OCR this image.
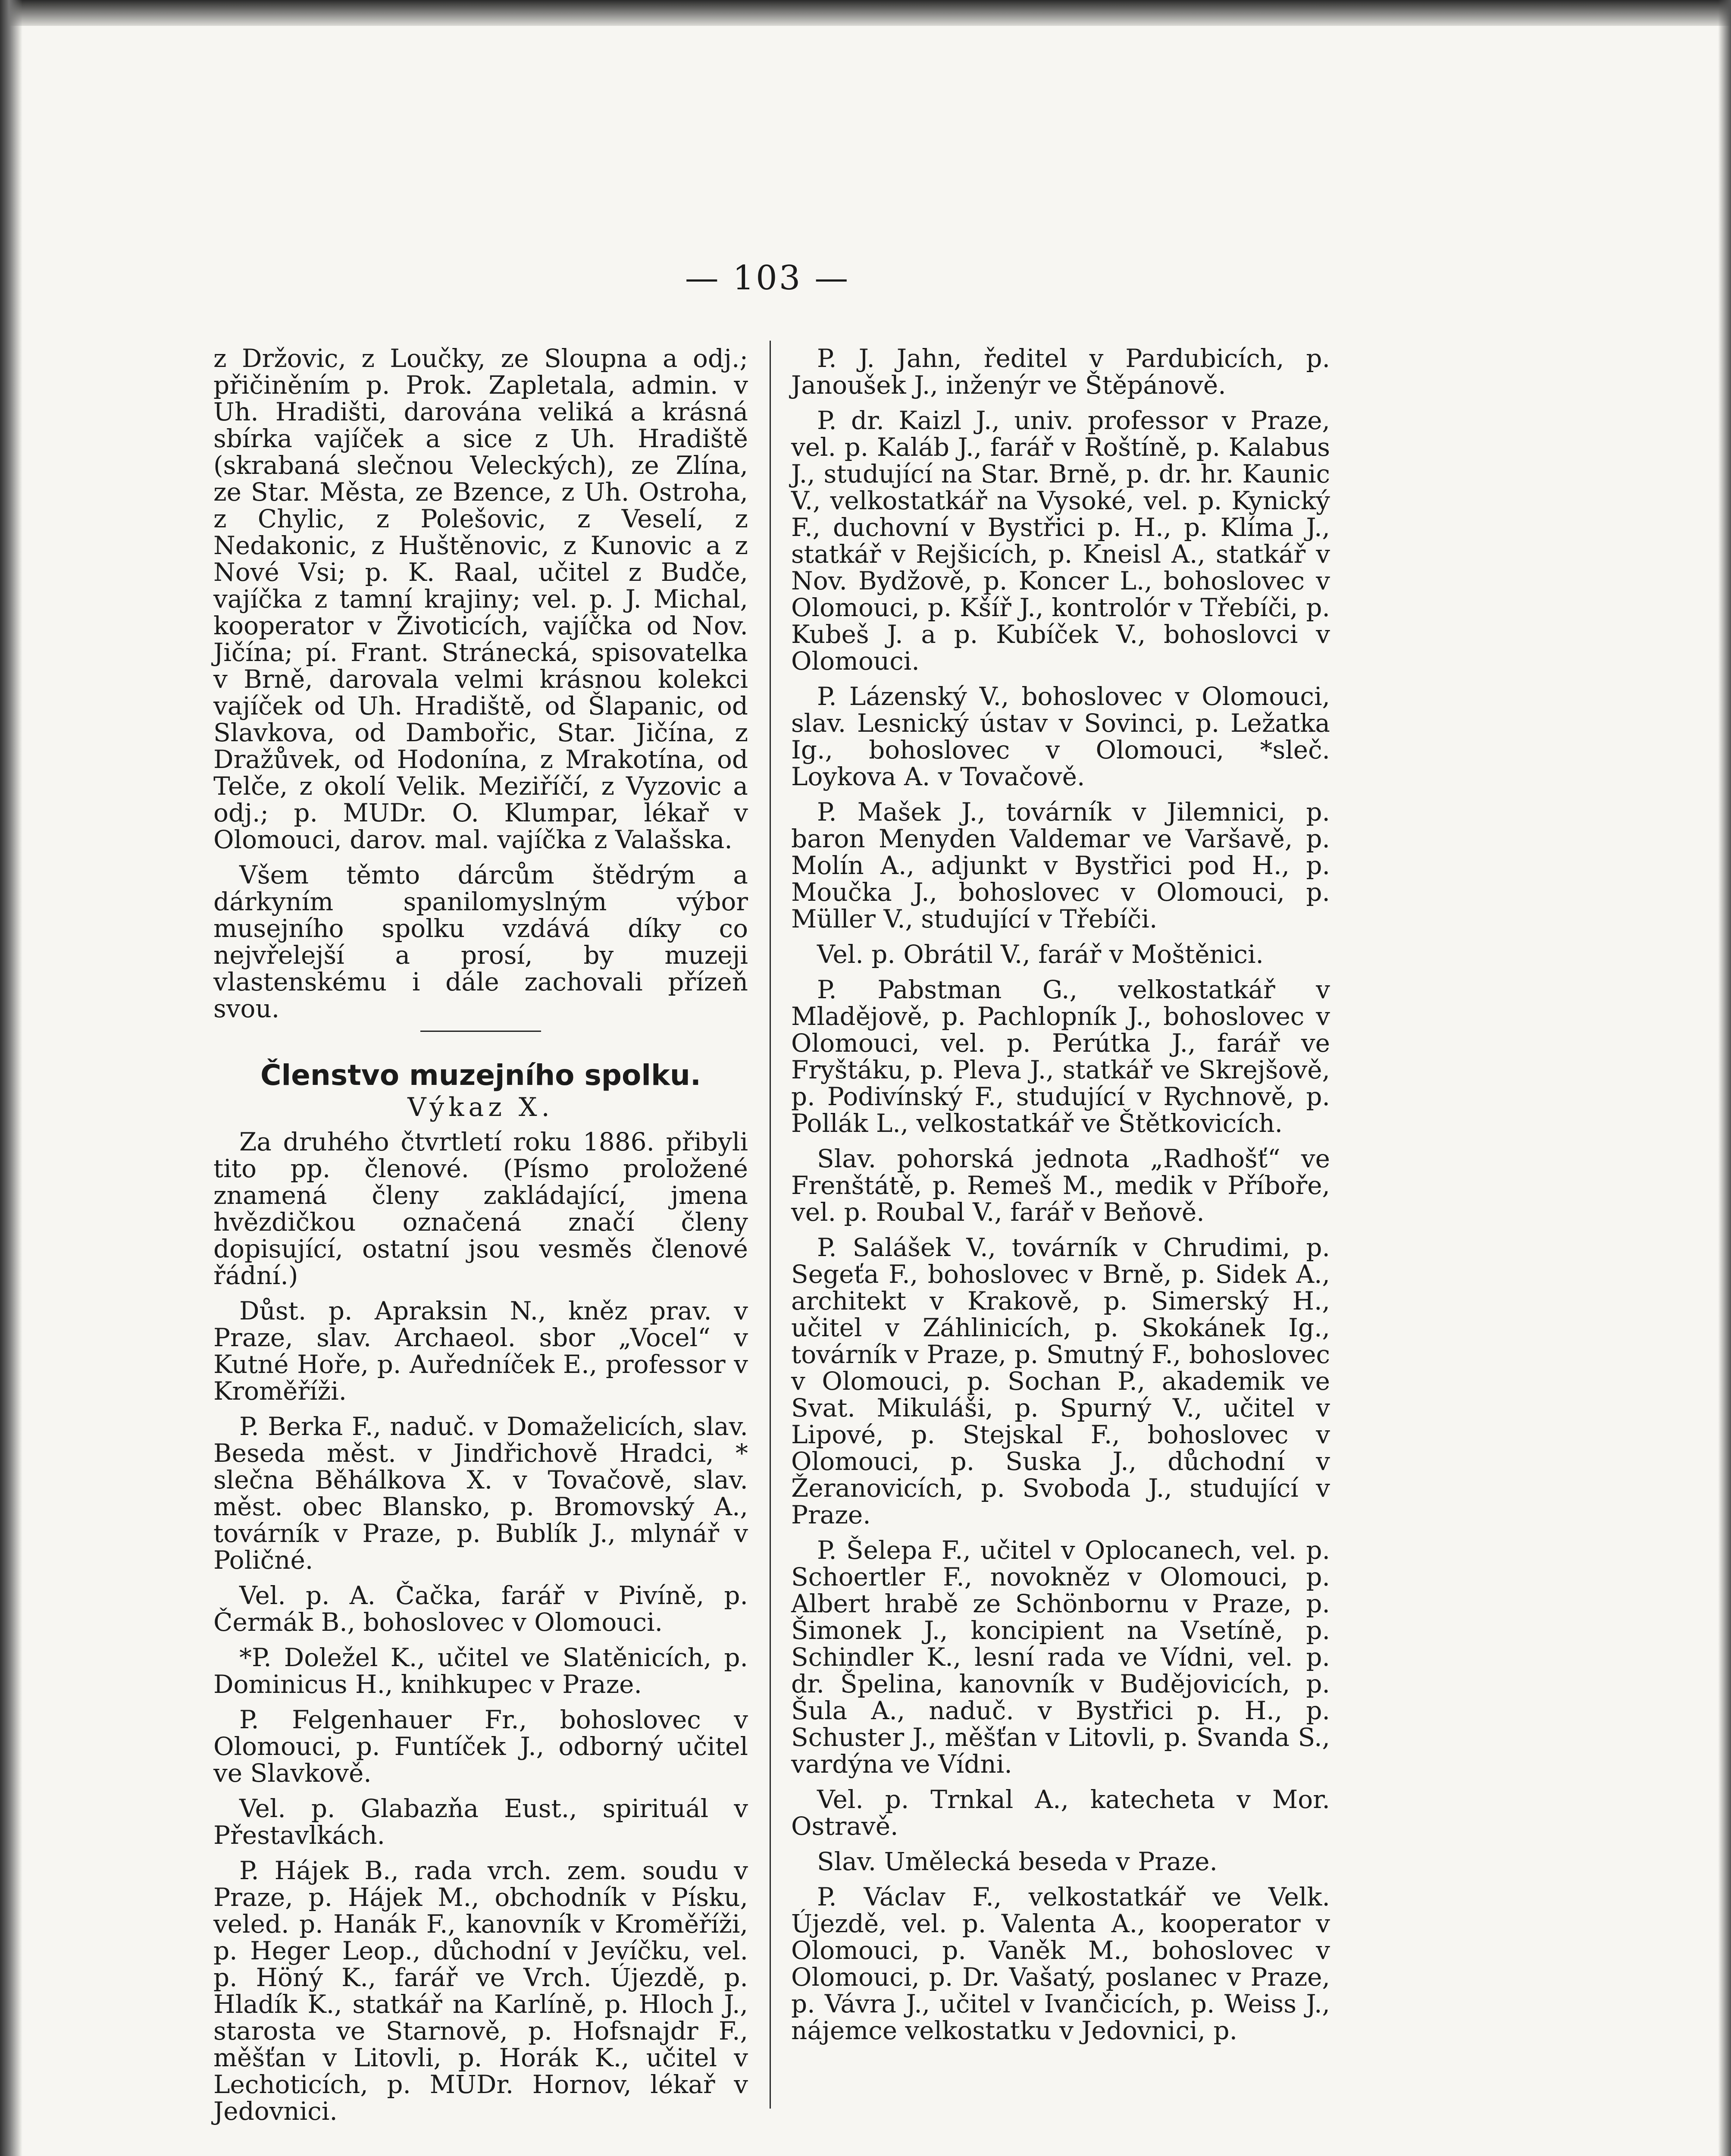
— 103 —

z Držovic, z Loučky, ze Sloupna a odj.; přičiněním p. Prok. Zapletala, admin. v Uh. Hradišti, darována veliká a krásná sbírka vajíček a sice z Uh. Hradiště (skrabaná slečnou Veleckých), ze Zlína, ze Star. Města, ze Bzence, z Uh. Ostroha, z Chylic, z Polešovic, z Veselí, z Nedakonic, z Huštěnovic, z Kunovic a z Nové Vsi; p. K. Raal, učitel z Budče, vajíčka z tamní krajiny; vel. p. J. Michal, kooperator v Životicích, vajíčka od Nov. Jičína; pí. Frant. Stránecká, spisovatelka v Brně, darovala velmi krásnou kolekci vajíček od Uh. Hradiště, od Šlapanic, od Slavkova, od Dambořic, Star. Jičína, z Dražůvek, od Hodonína, z Mrakotína, od Telče, z okolí Velik. Meziříčí, z Vyzovic a odj.; p. MUDr. O. Klumpar, lékař v Olomouci, darov. mal. vajíčka z Valašska.

Všem těmto dárcům štědrým a dárkyním spanilomyslným výbor musejního spolku vzdává díky co nejvřelejší a prosí, by muzeji vlastenskému i dále zachovali přízeň svou.

Členstvo muzejního spolku.
Výkaz X.

Za druhého čtvrtletí roku 1886. přibyli tito pp. členové. (Písmo proložené znamená členy zakládající, jmena hvězdičkou označená značí členy dopisující, ostatní jsou vesměs členové řádní.)

Důst. p. Apraksin N., kněz prav. v Praze, slav. Archaeol. sbor „Vocel“ v Kutné Hoře, p. Auředníček E., professor v Kroměříži.

P. Berka F., naduč. v Domaželicích, slav. Beseda měst. v Jindřichově Hradci, * slečna Běhálkova X. v Tovačově, slav. měst. obec Blansko, p. Bromovský A., továrník v Praze, p. Bublík J., mlynář v Poličné.

Vel. p. A. Čačka, farář v Pivíně, p. Čermák B., bohoslovec v Olomouci.

*P. Doležel K., učitel ve Slatěnicích, p. Dominicus H., knihkupec v Praze.

P. Felgenhauer Fr., bohoslovec v Olomouci, p. Funtíček J., odborný učitel ve Slavkově.

Vel. p. Glabazňa Eust., spirituál v Přestavlkách.

P. Hájek B., rada vrch. zem. soudu v Praze, p. Hájek M., obchodník v Písku, veled. p. Hanák F., kanovník v Kroměříži, p. Heger Leop., důchodní v Jevíčku, vel. p. Höný K., farář ve Vrch. Újezdě, p. Hladík K., statkář na Karlíně, p. Hloch J., starosta ve Starnově, p. Hofsnajdr F., měšťan v Litovli, p. Horák K., učitel v Lechoticích, p. MUDr. Hornov, lékař v Jedovnici.

P. J. Jahn, ředitel v Pardubicích, p. Janoušek J., inženýr ve Štěpánově.

P. dr. Kaizl J., univ. professor v Praze, vel. p. Kaláb J., farář v Roštíně, p. Kalabus J., studující na Star. Brně, p. dr. hr. Kaunic V., velkostatkář na Vysoké, vel. p. Kynický F., duchovní v Bystřici p. H., p. Klíma J., statkář v Rejšicích, p. Kneisl A., statkář v Nov. Bydžově, p. Koncer L., bohoslovec v Olomouci, p. Kšíř J., kontrolór v Třebíči, p. Kubeš J. a p. Kubíček V., bohoslovci v Olomouci.

P. Lázenský V., bohoslovec v Olomouci, slav. Lesnický ústav v Sovinci, p. Ležatka Ig., bohoslovec v Olomouci, *sleč. Loykova A. v Tovačově.

P. Mašek J., továrník v Jilemnici, p. baron Menyden Valdemar ve Varšavě, p. Molín A., adjunkt v Bystřici pod H., p. Moučka J., bohoslovec v Olomouci, p. Müller V., studující v Třebíči.

Vel. p. Obrátil V., farář v Moštěnici.

P. Pabstman G., velkostatkář v Mladějově, p. Pachlopník J., bohoslovec v Olomouci, vel. p. Perútka J., farář ve Fryštáku, p. Pleva J., statkář ve Skrejšově, p. Podivínský F., studující v Rychnově, p. Pollák L., velkostatkář ve Štětkovicích.

Slav. pohorská jednota „Radhošť“ ve Frenštátě, p. Remeš M., medik v Příboře, vel. p. Roubal V., farář v Beňově.

P. Salášek V., továrník v Chrudimi, p. Segeťa F., bohoslovec v Brně, p. Sidek A., architekt v Krakově, p. Simerský H., učitel v Záhlinicích, p. Skokánek Ig., továrník v Praze, p. Smutný F., bohoslovec v Olomouci, p. Sochan P., akademik ve Svat. Mikuláši, p. Spurný V., učitel v Lipové, p. Stejskal F., bohoslovec v Olomouci, p. Suska J., důchodní v Žeranovicích, p. Svoboda J., studující v Praze.

P. Šelepa F., učitel v Oplocanech, vel. p. Schoertler F., novokněz v Olomouci, p. Albert hrabě ze Schönbornu v Praze, p. Šimonek J., koncipient na Vsetíně, p. Schindler K., lesní rada ve Vídni, vel. p. dr. Špelina, kanovník v Budějovicích, p. Šula A., naduč. v Bystřici p. H., p. Schuster J., měšťan v Litovli, p. Svanda S., vardýna ve Vídni.

Vel. p. Trnkal A., katecheta v Mor. Ostravě.

Slav. Umělecká beseda v Praze.

P. Václav F., velkostatkář ve Velk. Újezdě, vel. p. Valenta A., kooperator v Olomouci, p. Vaněk M., bohoslovec v Olomouci, p. Dr. Vašatý, poslanec v Praze, p. Vávra J., učitel v Ivančicích, p. Weiss J., nájemce velkostatku v Jedovnici, p.
